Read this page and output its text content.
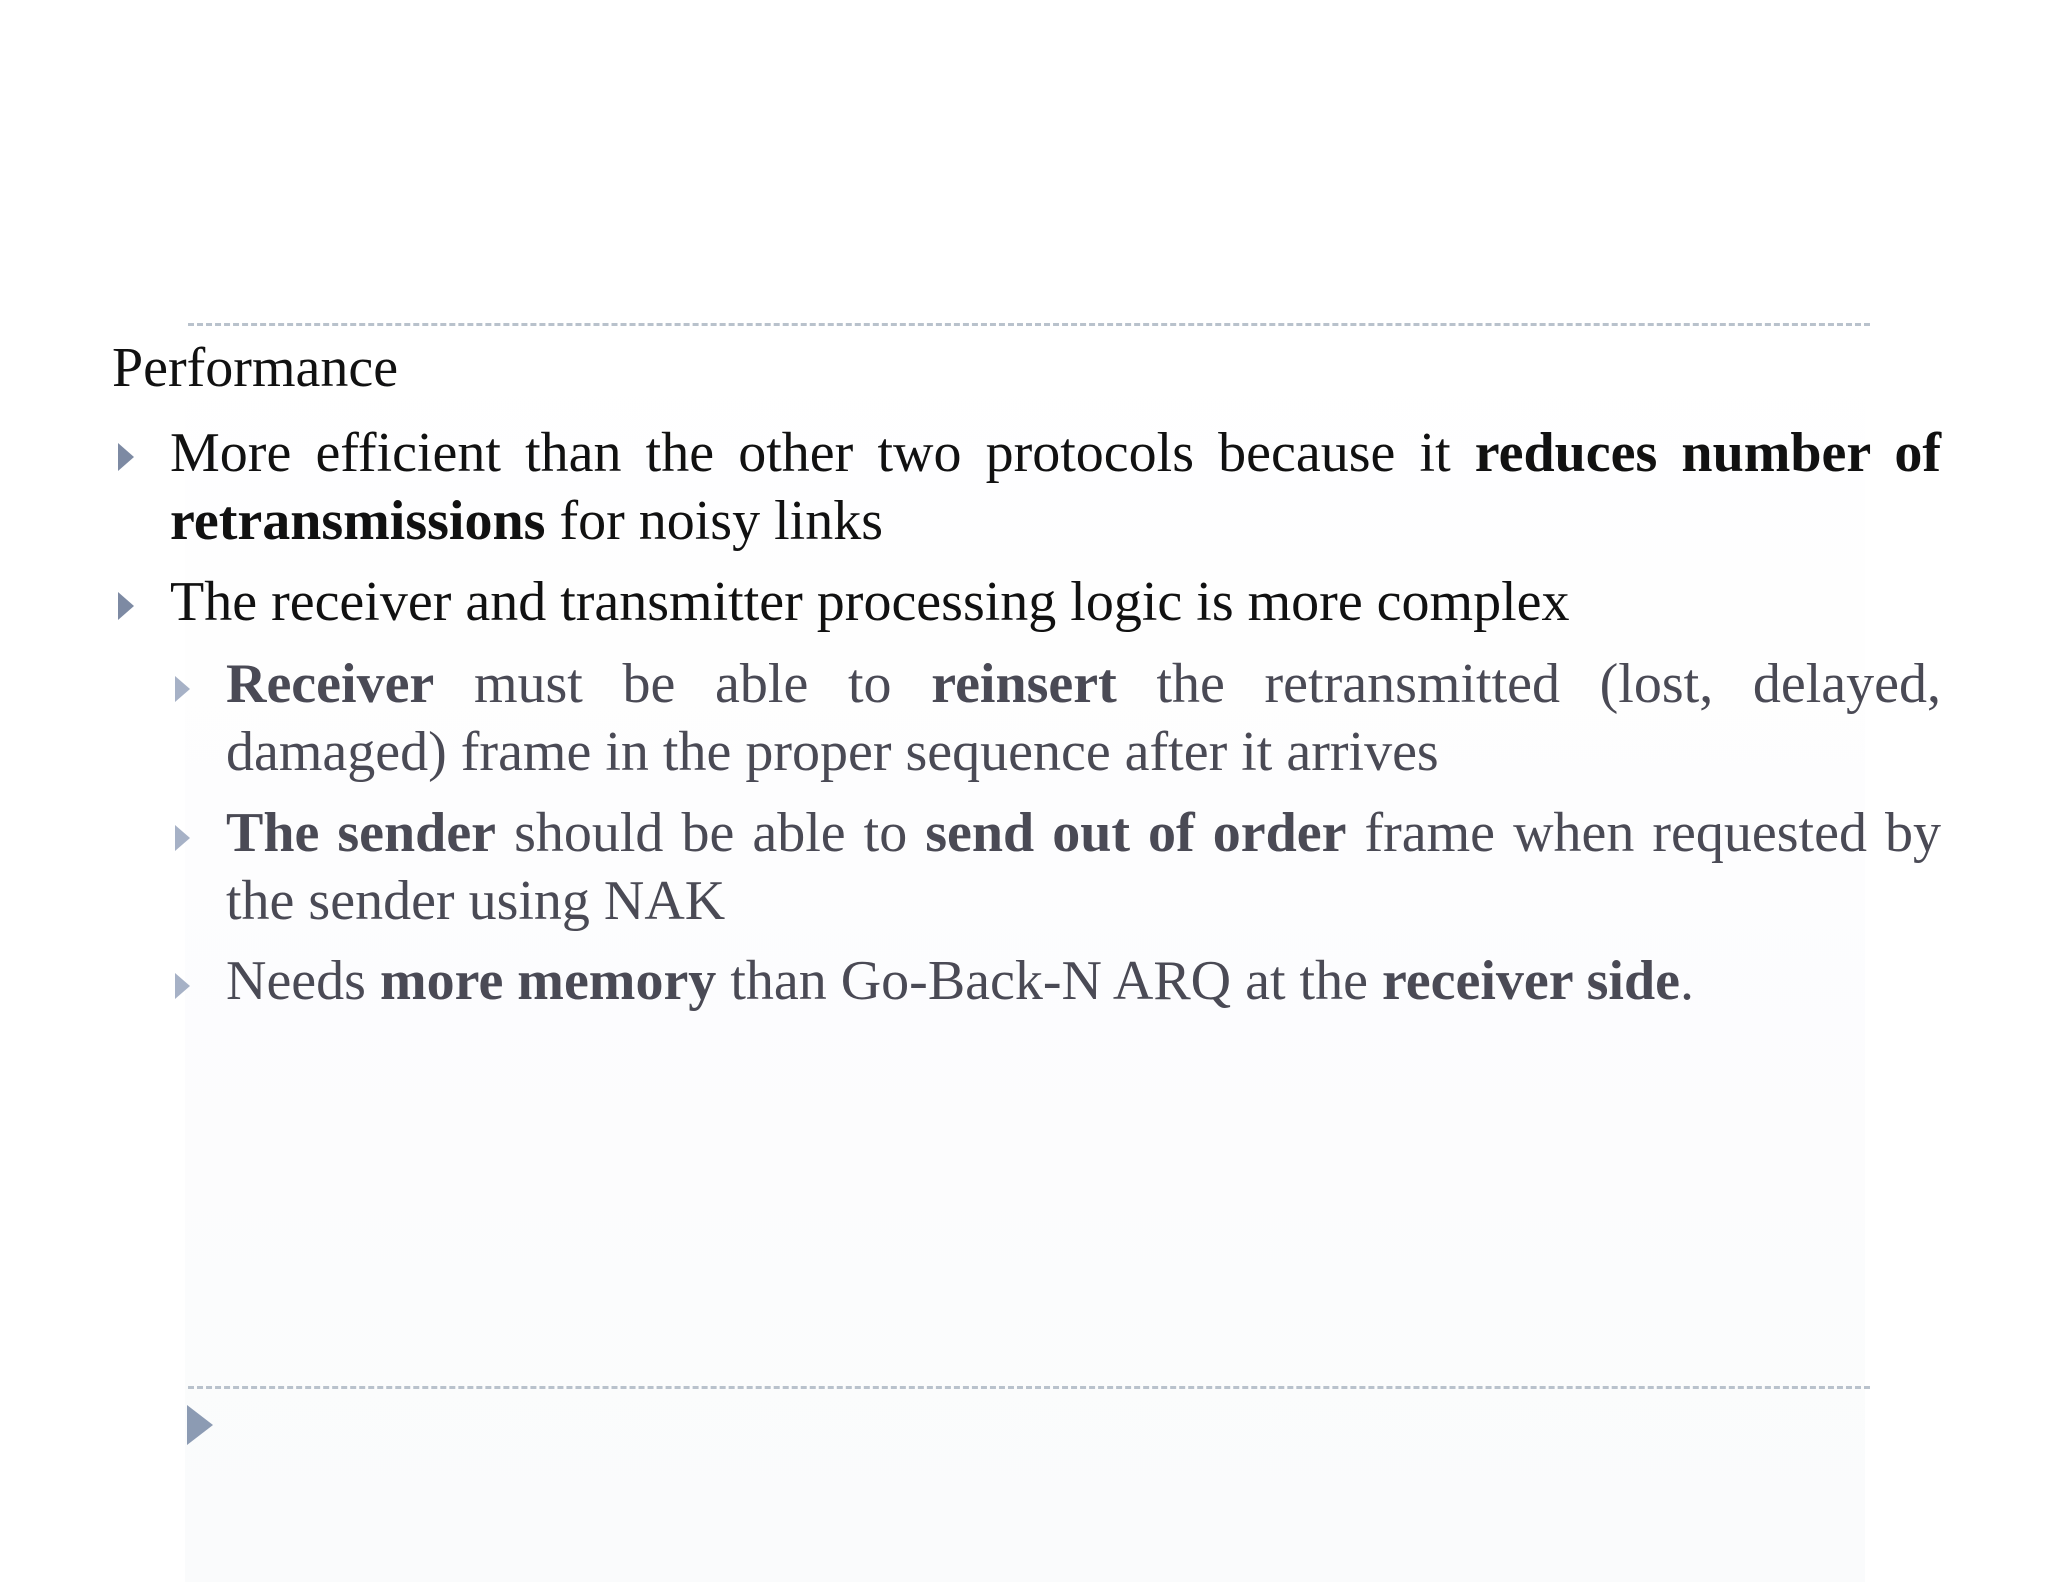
Performance
More efficient than the other two protocols because it reduces number of retransmissions for noisy links
The receiver and transmitter processing logic is more complex
Receiver must be able to reinsert the retransmitted (lost, delayed, damaged) frame in the proper sequence after it arrives
The sender should be able to send out of order frame when requested by the sender using NAK
Needs more memory than Go-Back-N ARQ at the receiver side.
